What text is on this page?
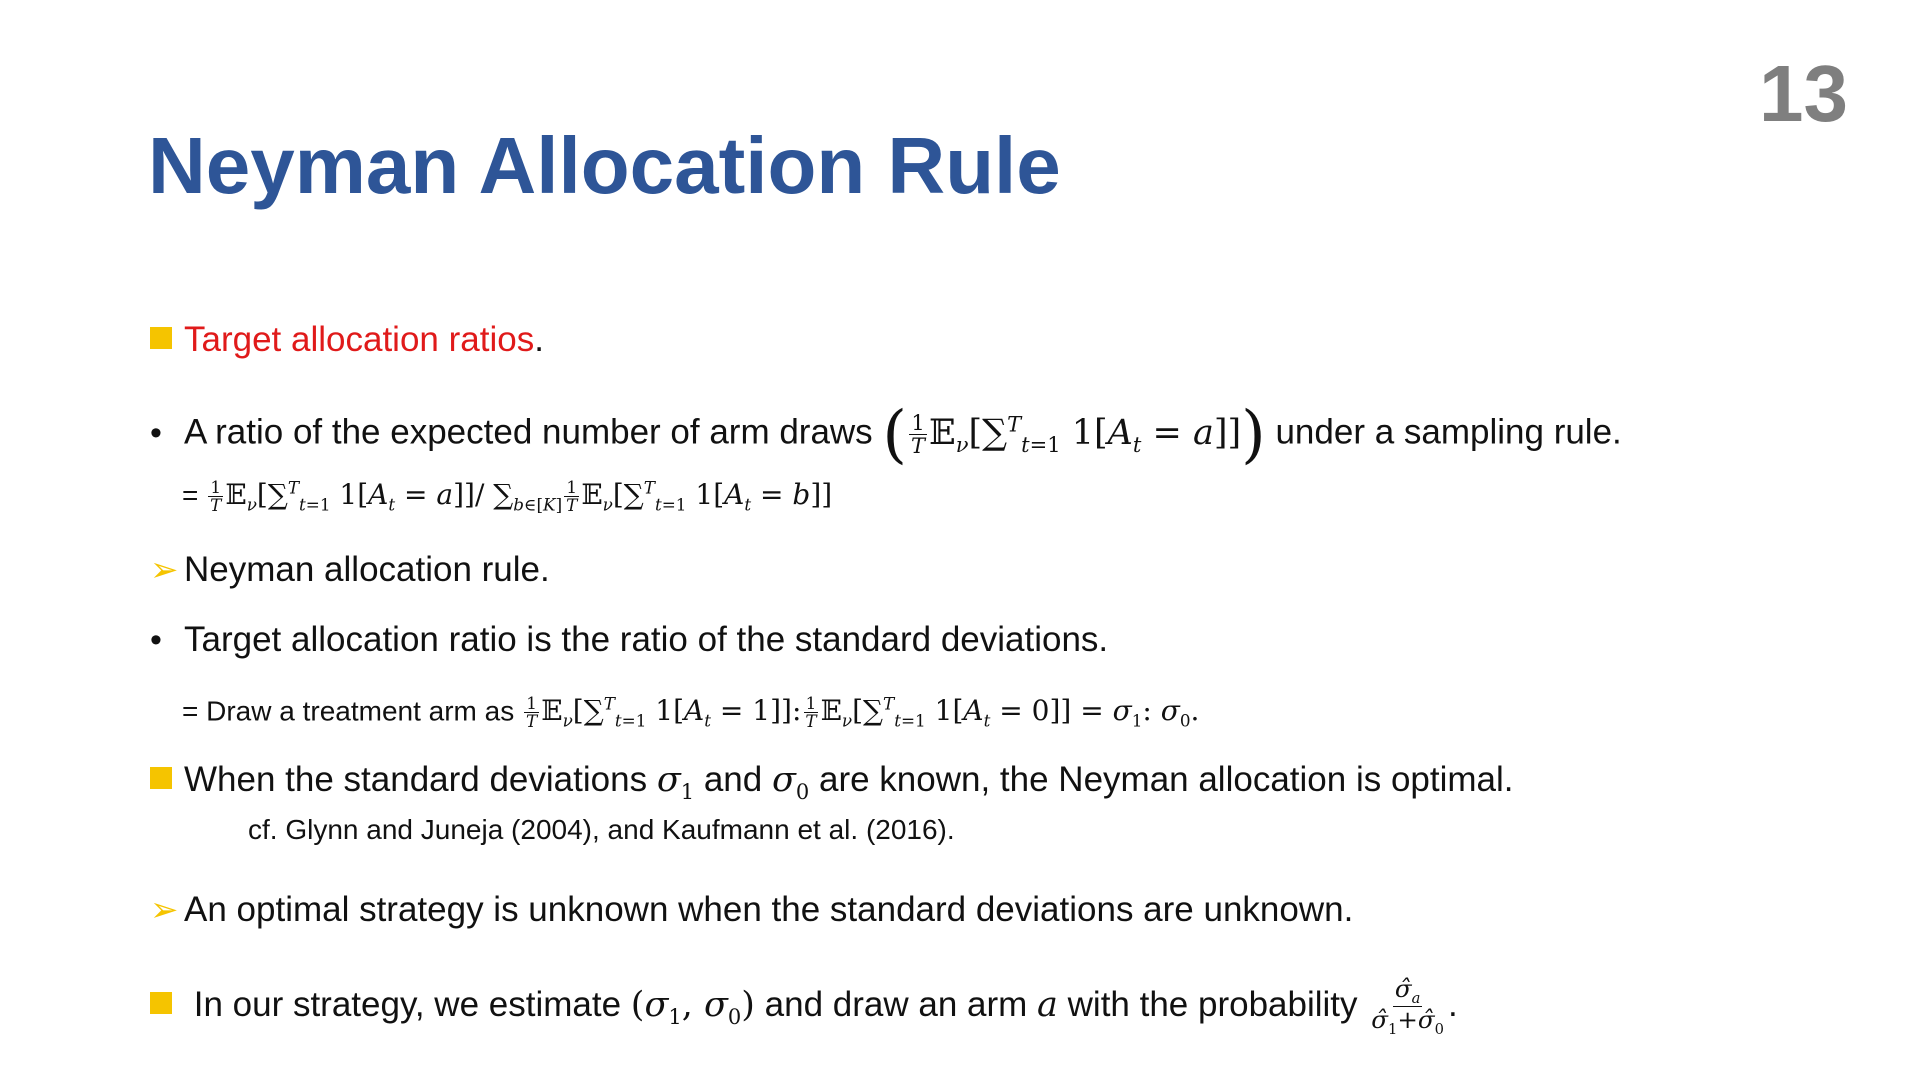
13
Neyman Allocation Rule
Target allocation ratios.
• A ratio of the expected number of arm draws ( $\frac{1}{T}$ 𝔼$_\nu$[∑$^T_{t=1}$ $1[A_t = a]$]) under a sampling rule.
= $\frac{1}{T}$ 𝔼$_\nu$[∑$^T_{t=1}$ $1[A_t = a]]/$ $\sum_{b\in[K]} \frac{1}{T}$ 𝔼$_\nu$[∑$^T_{t=1}$ $1[A_t = b]$]
➢ Neyman allocation rule.
• Target allocation ratio is the ratio of the standard deviations.
= Draw a treatment arm as $\frac{1}{T}$ 𝔼$_\nu$[∑$^T_{t=1}$ $1[A_t = 1]$]: $\frac{1}{T}$ 𝔼$_\nu$[∑$^T_{t=1}$ $1[A_t = 0]] = \sigma_1$: $\sigma_0$.
When the standard deviations $\sigma_1$ and $\sigma_0$ are known, the Neyman allocation is optimal.
cf. Glynn and Juneja (2004), and Kaufmann et al. (2016).
➢ An optimal strategy is unknown when the standard deviations are unknown.
In our strategy, we estimate ($\sigma_1$, $\sigma_0$) and draw an arm a with the probability $\frac{\sigmâ_a}{\sigmâ_1+\sigmâ_0}$ .
